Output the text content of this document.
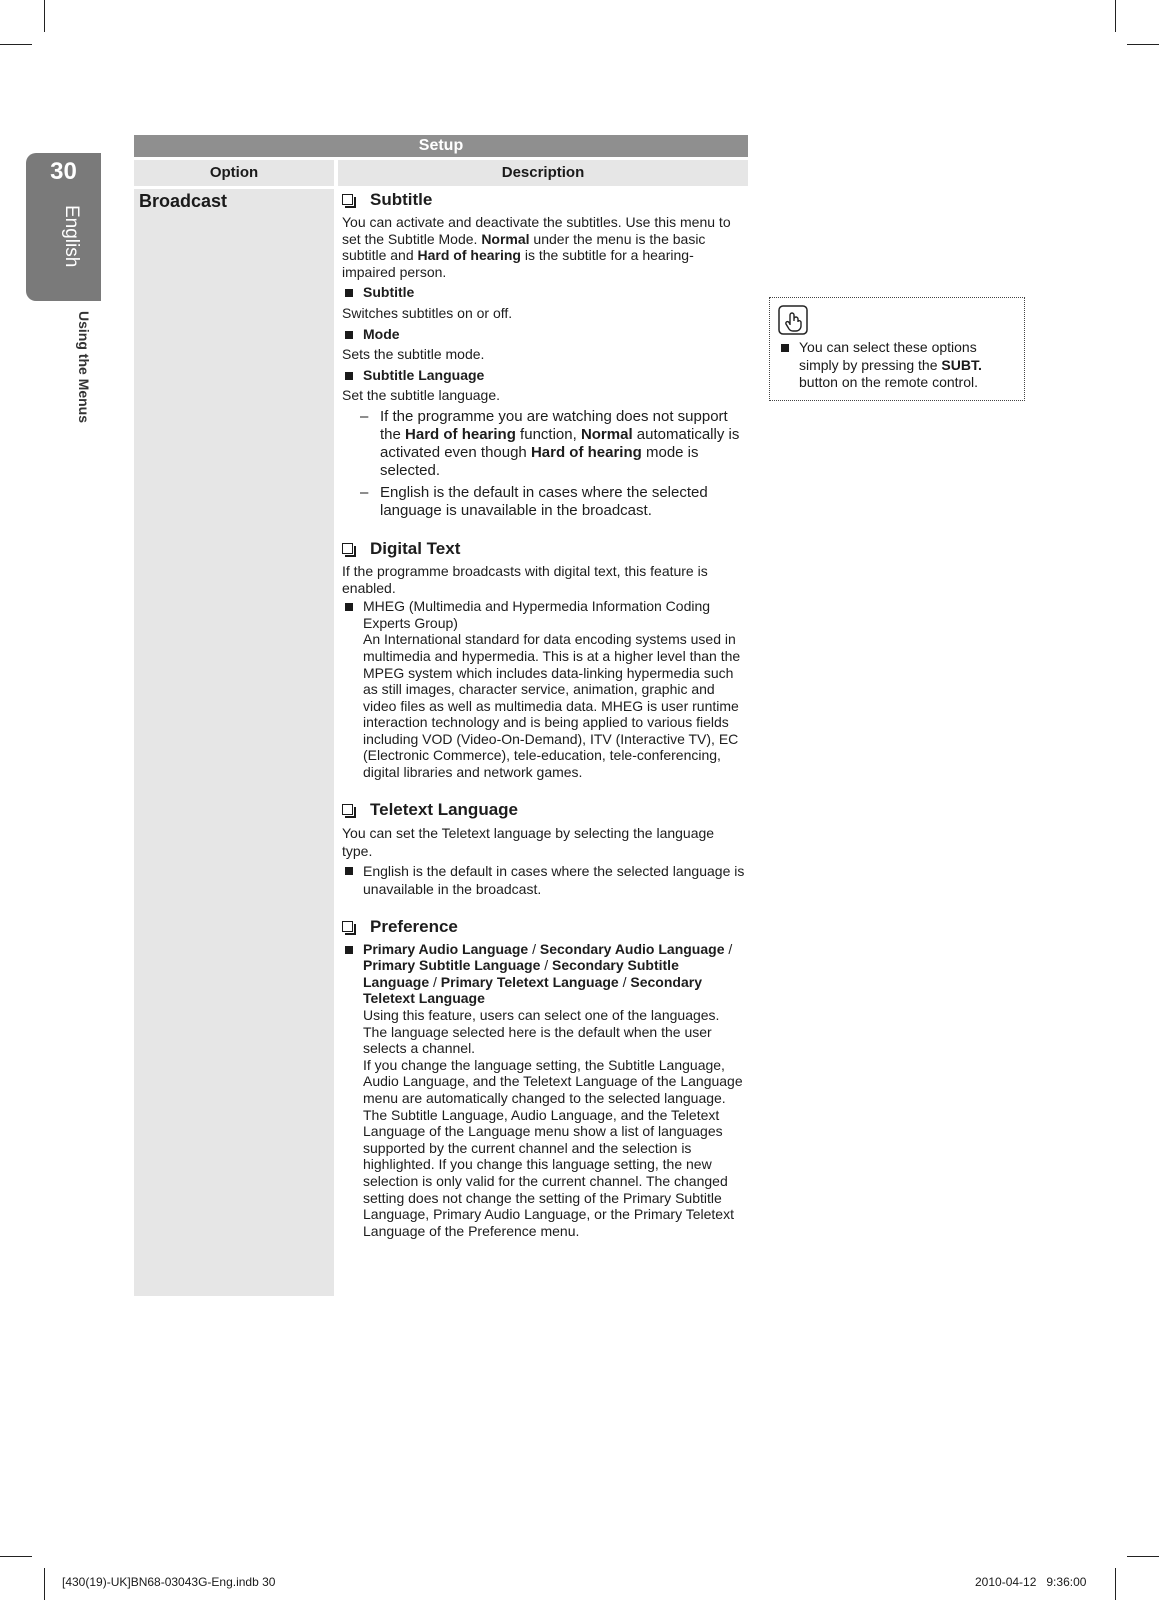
30
English
Using the Menus
Setup
Option	Description
Broadcast	Subtitle

You can activate and deactivate the subtitles. Use this menu to set the Subtitle Mode. Normal under the menu is the basic subtitle and Hard of hearing is the subtitle for a hearing-impaired person.

Subtitle

Switches subtitles on or off.

Mode

Sets the subtitle mode.

Subtitle Language

Set the subtitle language.

– If the programme you are watching does not support the Hard of hearing function, Normal automatically is activated even though Hard of hearing mode is selected.
– English is the default in cases where the selected language is unavailable in the broadcast.
Digital Text

If the programme broadcasts with digital text, this feature is enabled.

MHEG (Multimedia and Hypermedia Information Coding Experts Group)
An International standard for data encoding systems used in multimedia and hypermedia. This is at a higher level than the MPEG system which includes data-linking hypermedia such as still images, character service, animation, graphic and video files as well as multimedia data. MHEG is user runtime interaction technology and is being applied to various fields including VOD (Video-On-Demand), ITV (Interactive TV), EC (Electronic Commerce), tele-education, tele-conferencing, digital libraries and network games.
Teletext Language

You can set the Teletext language by selecting the language type.

English is the default in cases where the selected language is unavailable in the broadcast.
Preference
Primary Audio Language / Secondary Audio Language / Primary Subtitle Language / Secondary Subtitle Language / Primary Teletext Language / Secondary Teletext Language
Using this feature, users can select one of the languages. The language selected here is the default when the user selects a channel.
If you change the language setting, the Subtitle Language, Audio Language, and the Teletext Language of the Language menu are automatically changed to the selected language.
The Subtitle Language, Audio Language, and the Teletext Language of the Language menu show a list of languages supported by the current channel and the selection is highlighted. If you change this language setting, the new selection is only valid for the current channel. The changed setting does not change the setting of the Primary Subtitle Language, Primary Audio Language, or the Primary Teletext Language of the Preference menu.
You can select these options simply by pressing the SUBT. button on the remote control.
[430(19)-UK]BN68-03043G-Eng.indb 30	2010-04-12   9:36:00
